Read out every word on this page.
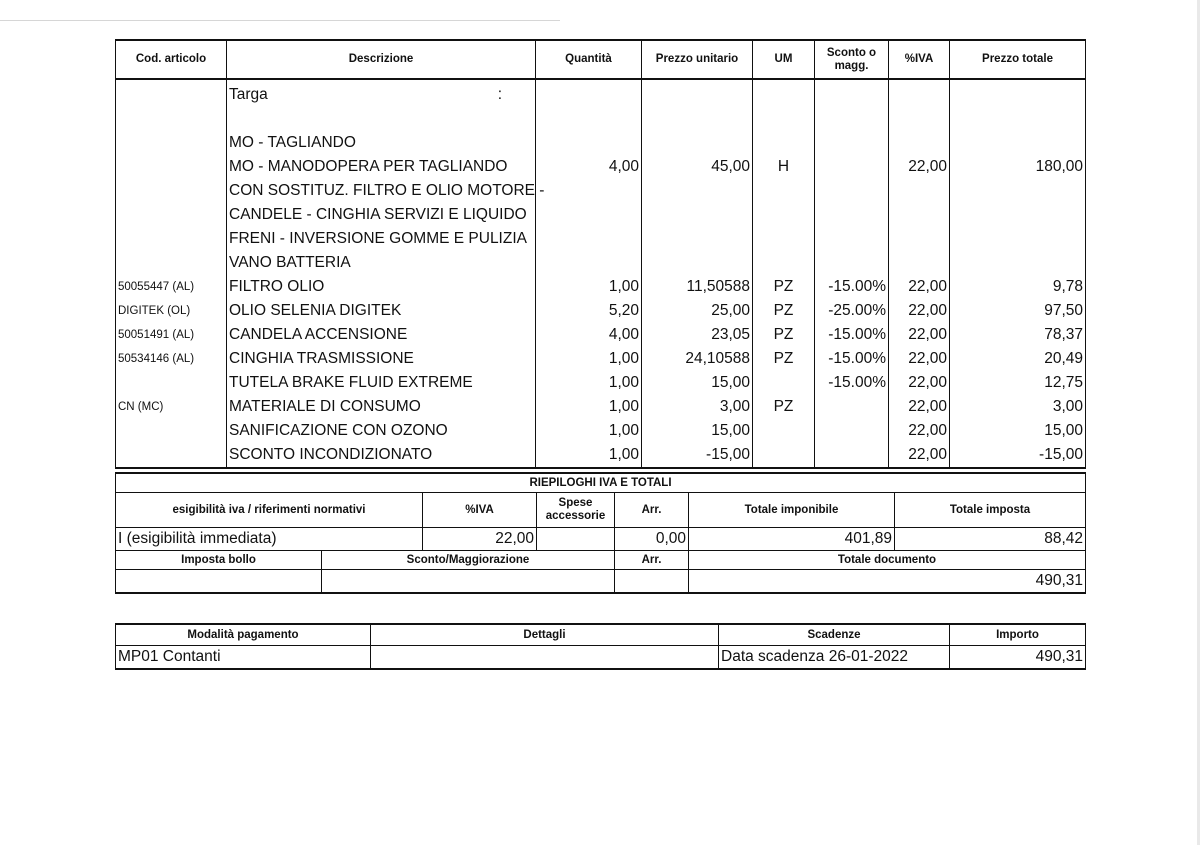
Cod. articolo	Descrizione	Quantità	Prezzo unitario	UM	Sconto o magg.	%IVA	Prezzo totale
	Targa :						
	MO - TAGLIANDO						
	MO - MANODOPERA PER TAGLIANDO	4,00	45,00	H		22,00	180,00
	CON SOSTITUZ. FILTRO E OLIO MOTORE -						
	CANDELE - CINGHIA SERVIZI E LIQUIDO						
	FRENI - INVERSIONE GOMME E PULIZIA						
	VANO BATTERIA						
50055447 (AL)	FILTRO OLIO	1,00	11,50588	PZ	-15.00%	22,00	9,78
DIGITEK (OL)	OLIO SELENIA DIGITEK	5,20	25,00	PZ	-25.00%	22,00	97,50
50051491 (AL)	CANDELA ACCENSIONE	4,00	23,05	PZ	-15.00%	22,00	78,37
50534146 (AL)	CINGHIA TRASMISSIONE	1,00	24,10588	PZ	-15.00%	22,00	20,49
	TUTELA BRAKE FLUID EXTREME	1,00	15,00		-15.00%	22,00	12,75
CN (MC)	MATERIALE DI CONSUMO	1,00	3,00	PZ		22,00	3,00
	SANIFICAZIONE CON OZONO	1,00	15,00			22,00	15,00
	SCONTO INCONDIZIONATO	1,00	-15,00			22,00	-15,00
RIEPILOGHI IVA E TOTALI						
esigibilità iva / riferimenti normativi		%IVA	Spese accessorie	Arr.	Totale imponibile	Totale imposta
I (esigibilità immediata)		22,00		0,00	401,89	88,42
Imposta bollo	Sconto/Maggiorazione			Arr.	Totale documento	
					490,31	
Modalità pagamento	Dettagli	Scadenze	Importo
MP01 Contanti		Data scadenza 26-01-2022	490,31
